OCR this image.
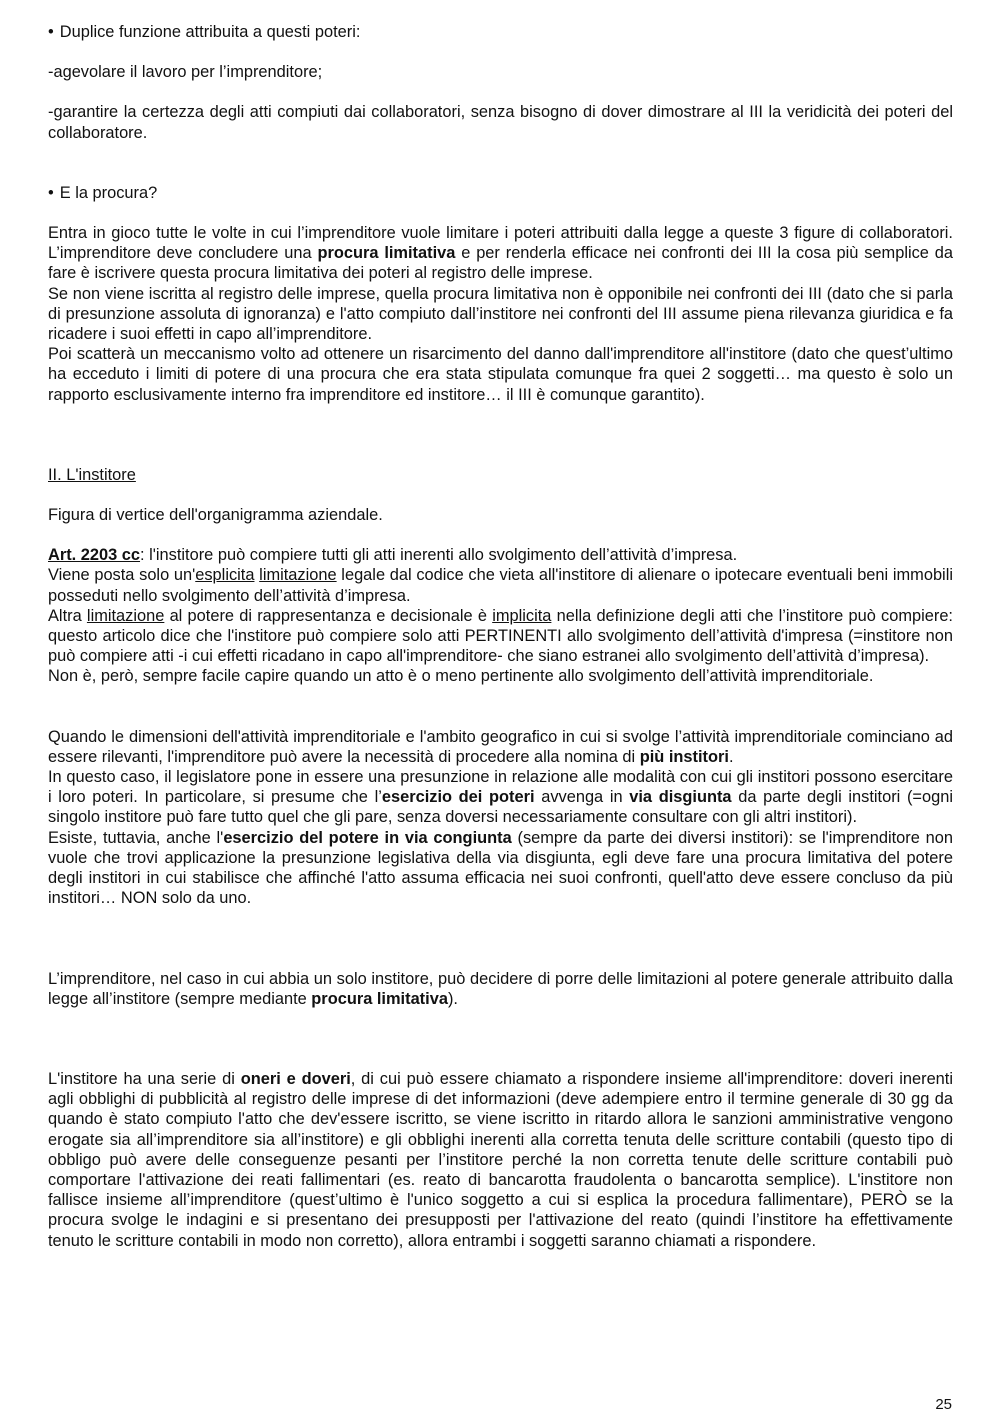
• Duplice funzione attribuita a questi poteri:

-agevolare il lavoro per l’imprenditore;

-garantire la certezza degli atti compiuti dai collaboratori, senza bisogno di dover dimostrare al III la veridicità dei poteri del collaboratore.

• E la procura?

Entra in gioco tutte le volte in cui l’imprenditore vuole limitare i poteri attribuiti dalla legge a queste 3 figure di collaboratori. L’imprenditore deve concludere una procura limitativa e per renderla efficace nei confronti dei III la cosa più semplice da fare è iscrivere questa procura limitativa dei poteri al registro delle imprese.

Se non viene iscritta al registro delle imprese, quella procura limitativa non è opponibile nei confronti dei III (dato che si parla di presunzione assoluta di ignoranza) e l'atto compiuto dall’institore nei confronti del III assume piena rilevanza giuridica e fa ricadere i suoi effetti in capo all’imprenditore.

Poi scatterà un meccanismo volto ad ottenere un risarcimento del danno dall'imprenditore all'institore (dato che quest’ultimo ha ecceduto i limiti di potere di una procura che era stata stipulata comunque fra quei 2 soggetti… ma questo è solo un rapporto esclusivamente interno fra imprenditore ed institore… il III è comunque garantito).

II. L'institore

Figura di vertice dell'organigramma aziendale.

Art. 2203 cc: l'institore può compiere tutti gli atti inerenti allo svolgimento dell’attività d’impresa.

Viene posta solo un'esplicita limitazione legale dal codice che vieta all'institore di alienare o ipotecare eventuali beni immobili posseduti nello svolgimento dell’attività d’impresa.

Altra limitazione al potere di rappresentanza e decisionale è implicita nella definizione degli atti che l’institore può compiere: questo articolo dice che l'institore può compiere solo atti PERTINENTI allo svolgimento dell’attività d'impresa (=institore non può compiere atti -i cui effetti ricadano in capo all'imprenditore- che siano estranei allo svolgimento dell’attività d’impresa).

Non è, però, sempre facile capire quando un atto è o meno pertinente allo svolgimento dell’attività imprenditoriale.

Quando le dimensioni dell'attività imprenditoriale e l'ambito geografico in cui si svolge l’attività imprenditoriale cominciano ad essere rilevanti, l'imprenditore può avere la necessità di procedere alla nomina di più institori.

In questo caso, il legislatore pone in essere una presunzione in relazione alle modalità con cui gli institori possono esercitare i loro poteri. In particolare, si presume che l’esercizio dei poteri avvenga in via disgiunta da parte degli institori (=ogni singolo institore può fare tutto quel che gli pare, senza doversi necessariamente consultare con gli altri institori).

Esiste, tuttavia, anche l'esercizio del potere in via congiunta (sempre da parte dei diversi institori): se l'imprenditore non vuole che trovi applicazione la presunzione legislativa della via disgiunta, egli deve fare una procura limitativa del potere degli institori in cui stabilisce che affinché l'atto assuma efficacia nei suoi confronti, quell'atto deve essere concluso da più institori… NON solo da uno.

L’imprenditore, nel caso in cui abbia un solo institore, può decidere di porre delle limitazioni al potere generale attribuito dalla legge all’institore (sempre mediante procura limitativa).

L'institore ha una serie di oneri e doveri, di cui può essere chiamato a rispondere insieme all'imprenditore: doveri inerenti agli obblighi di pubblicità al registro delle imprese di det informazioni (deve adempiere entro il termine generale di 30 gg da quando è stato compiuto l'atto che dev'essere iscritto, se viene iscritto in ritardo allora le sanzioni amministrative vengono erogate sia all’imprenditore sia all’institore) e gli obblighi inerenti alla corretta tenuta delle scritture contabili (questo tipo di obbligo può avere delle conseguenze pesanti per l’institore perché la non corretta tenute delle scritture contabili può comportare l'attivazione dei reati fallimentari (es. reato di bancarotta fraudolenta o bancarotta semplice). L'institore non fallisce insieme all’imprenditore (quest’ultimo è l'unico soggetto a cui si esplica la procedura fallimentare), PERÒ se la procura svolge le indagini e si presentano dei presupposti per l'attivazione del reato (quindi l’institore ha effettivamente tenuto le scritture contabili in modo non corretto), allora entrambi i soggetti saranno chiamati a rispondere.

25
